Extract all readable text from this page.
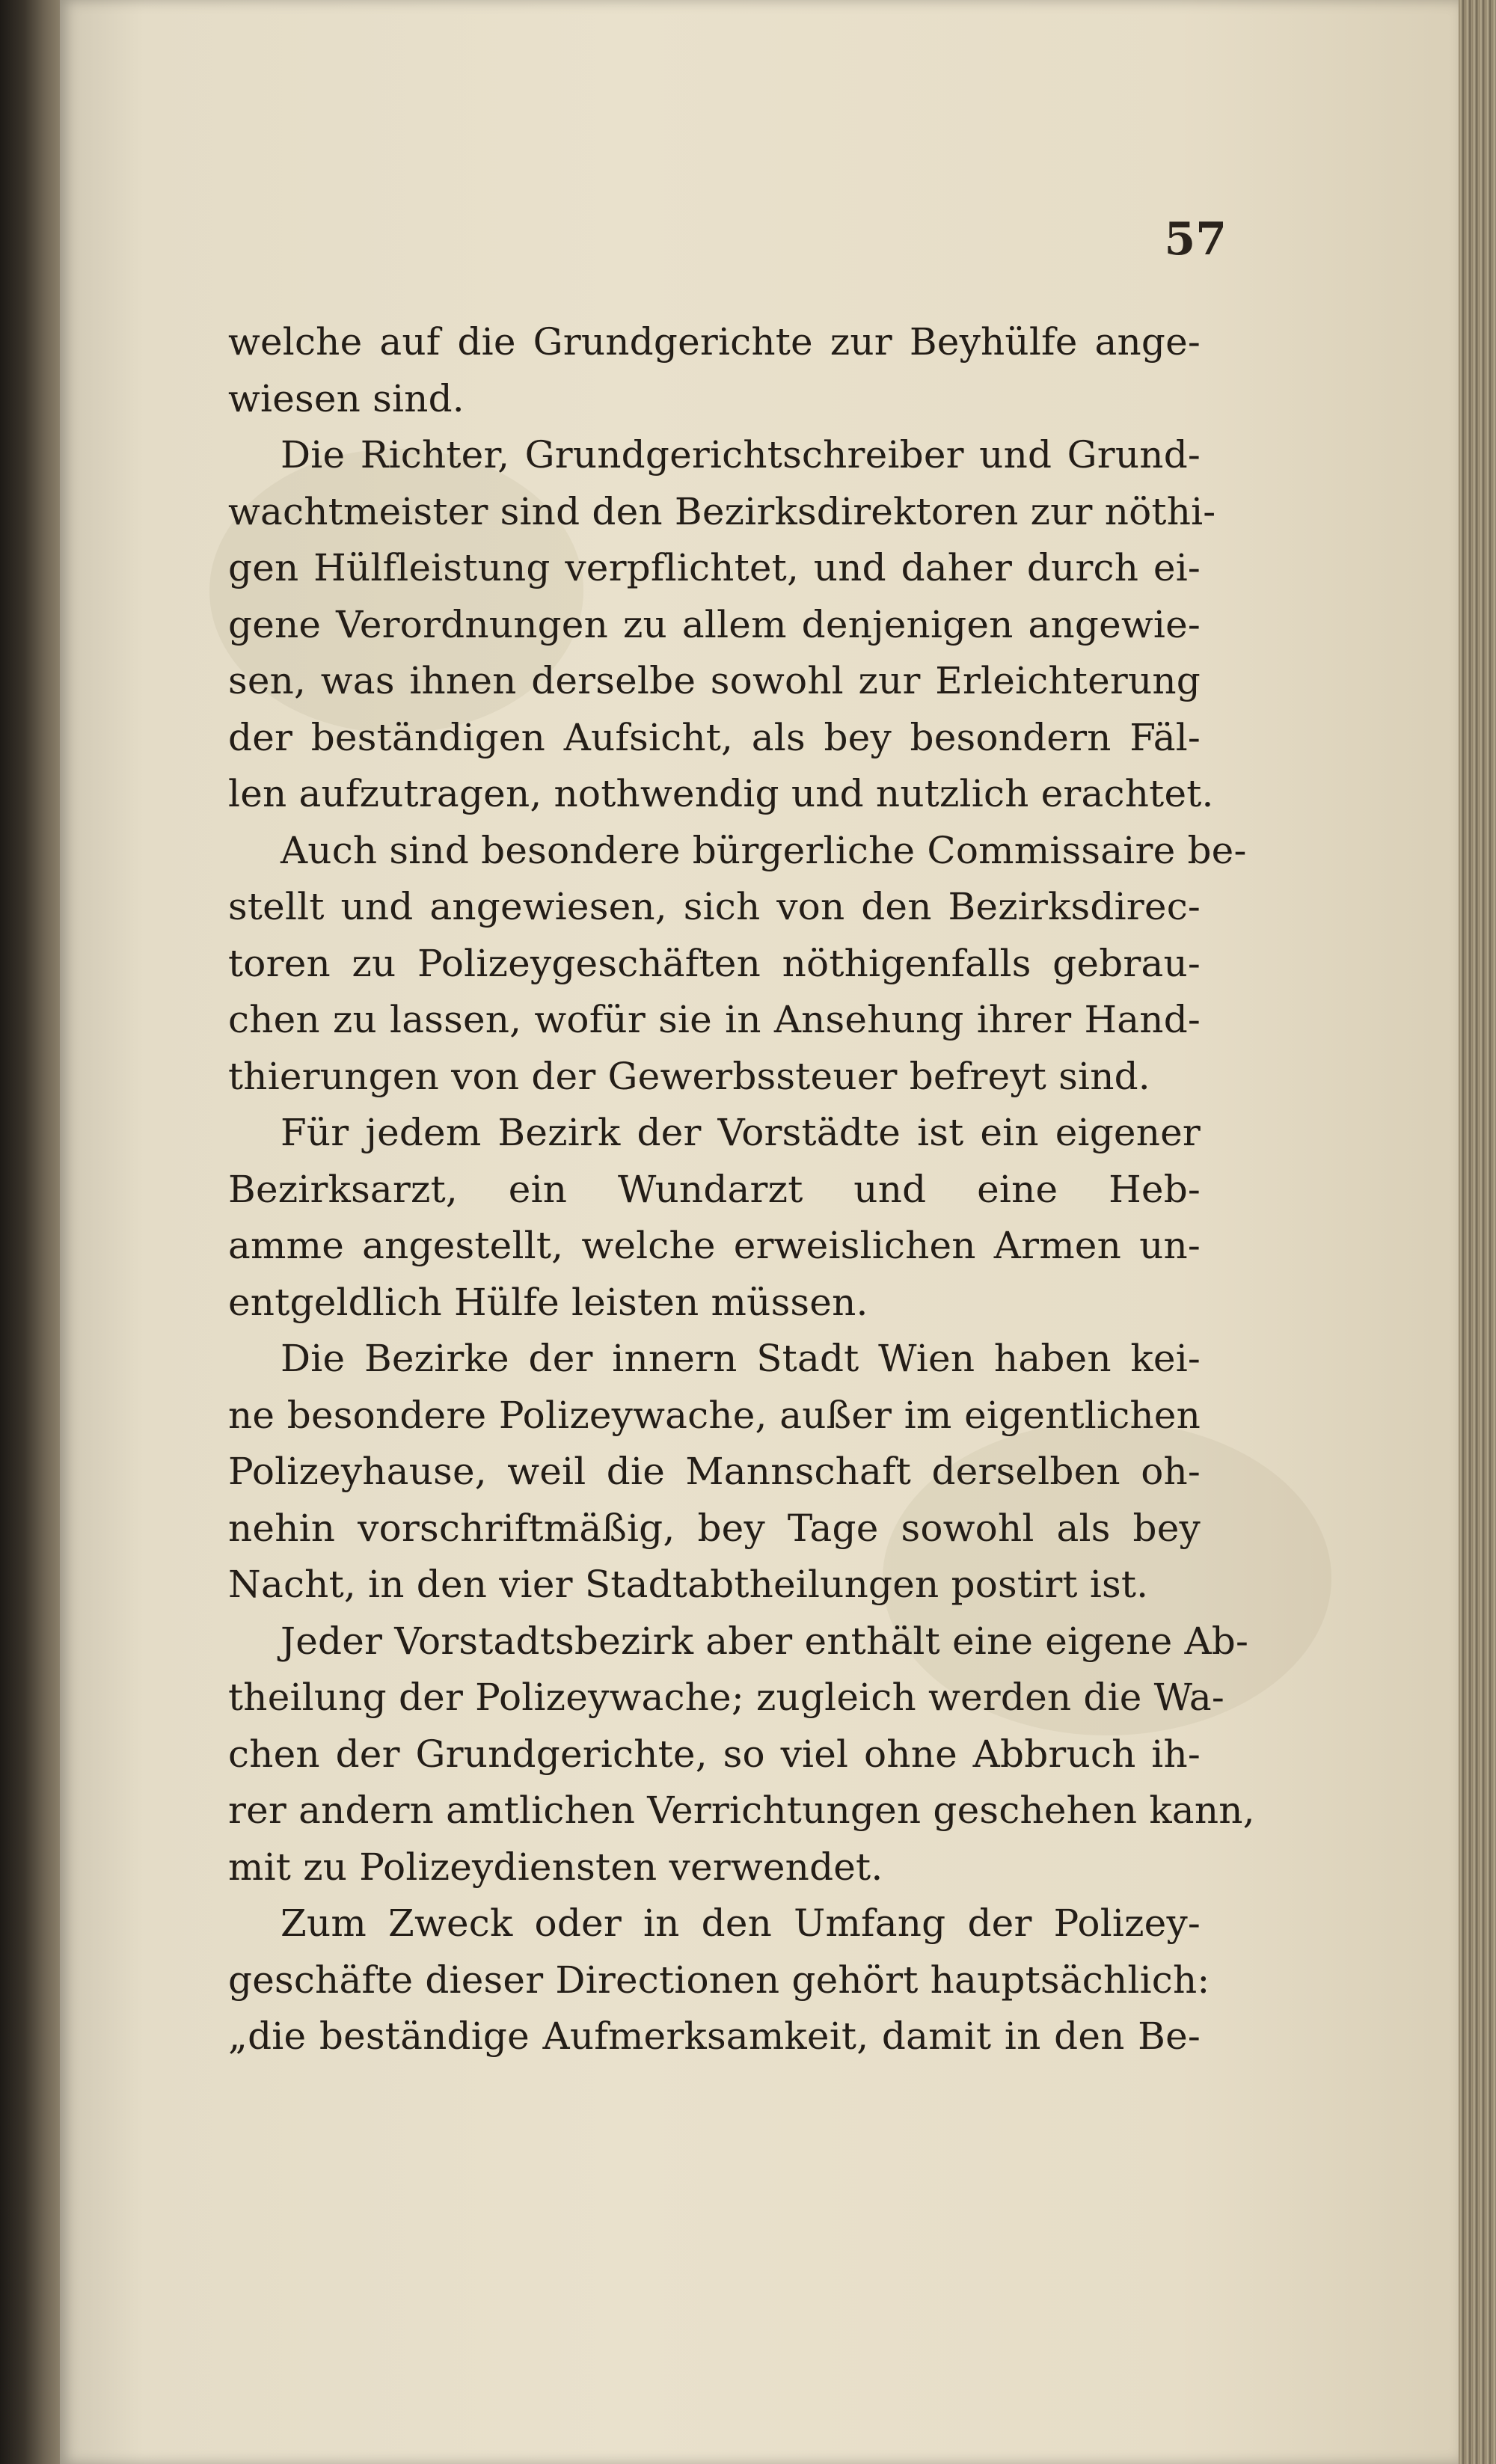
57
welche auf die Grundgerichte zur Beyhülfe ange-
wiesen sind.
Die Richter, Grundgerichtschreiber und Grund-
wachtmeister sind den Bezirksdirektoren zur nöthi-
gen Hülfleistung verpflichtet, und daher durch ei-
gene Verordnungen zu allem denjenigen angewie-
sen, was ihnen derselbe sowohl zur Erleichterung
der beständigen Aufsicht, als bey besondern Fäl-
len aufzutragen, nothwendig und nutzlich erachtet.
Auch sind besondere bürgerliche Commissaire be-
stellt und angewiesen, sich von den Bezirksdirec-
toren zu Polizeygeschäften nöthigenfalls gebrau-
chen zu lassen, wofür sie in Ansehung ihrer Hand-
thierungen von der Gewerbssteuer befreyt sind.
Für jedem Bezirk der Vorstädte ist ein eigener
Bezirksarzt, ein Wundarzt und eine Heb-
amme angestellt, welche erweislichen Armen un-
entgeldlich Hülfe leisten müssen.
Die Bezirke der innern Stadt Wien haben kei-
ne besondere Polizeywache, außer im eigentlichen
Polizeyhause, weil die Mannschaft derselben oh-
nehin vorschriftmäßig, bey Tage sowohl als bey
Nacht, in den vier Stadtabtheilungen postirt ist.
Jeder Vorstadtsbezirk aber enthält eine eigene Ab-
theilung der Polizeywache; zugleich werden die Wa-
chen der Grundgerichte, so viel ohne Abbruch ih-
rer andern amtlichen Verrichtungen geschehen kann,
mit zu Polizeydiensten verwendet.
Zum Zweck oder in den Umfang der Polizey-
geschäfte dieser Directionen gehört hauptsächlich:
„die beständige Aufmerksamkeit, damit in den Be-
